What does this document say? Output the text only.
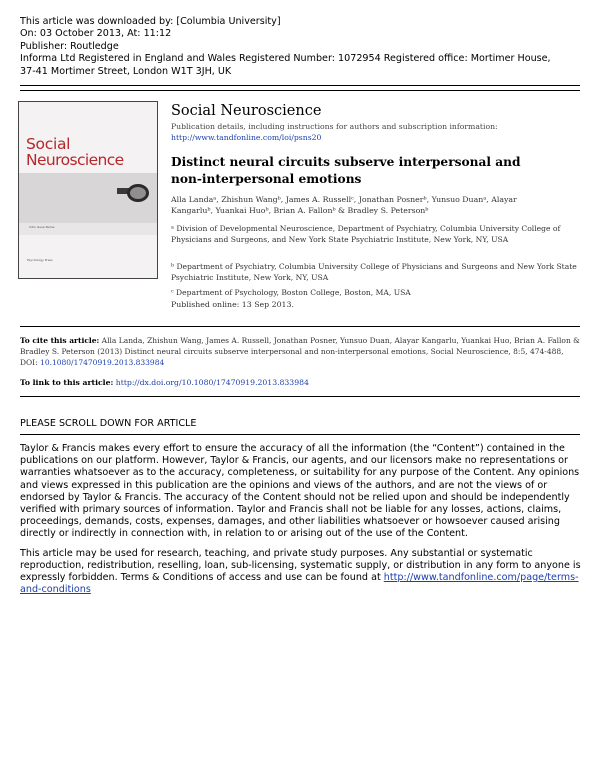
This article was downloaded by: [Columbia University]
On: 03 October 2013, At: 11:12
Publisher: Routledge
Informa Ltd Registered in England and Wales Registered Number: 1072954 Registered office: Mortimer House,
37-41 Mortimer Street, London W1T 3JH, UK
Social
Neuroscience
Intro Issue Name
Psychology Press
Social Neuroscience
Publication details, including instructions for authors and subscription information:
http://www.tandfonline.com/loi/psns20
Distinct neural circuits subserve interpersonal and
non-interpersonal emotions
Alla Landaᵃ, Zhishun Wangᵇ, James A. Russellᶜ, Jonathan Posnerᵇ, Yunsuo Duanᵃ, Alayar
Kangarluᵇ, Yuankai Huoᵇ, Brian A. Fallonᵇ & Bradley S. Petersonᵇ
ᵃ Division of Developmental Neuroscience, Department of Psychiatry, Columbia University College of Physicians and Surgeons, and New York State Psychiatric Institute, New York, NY, USA
ᵇ Department of Psychiatry, Columbia University College of Physicians and Surgeons and New York State Psychiatric Institute, New York, NY, USA
ᶜ Department of Psychology, Boston College, Boston, MA, USA
Published online: 13 Sep 2013.
To cite this article: Alla Landa, Zhishun Wang, James A. Russell, Jonathan Posner, Yunsuo Duan, Alayar Kangarlu, Yuankai Huo, Brian A. Fallon & Bradley S. Peterson (2013) Distinct neural circuits subserve interpersonal and non-interpersonal emotions, Social Neuroscience, 8:5, 474-488, DOI: 10.1080/17470919.2013.833984
To link to this article: http://dx.doi.org/10.1080/17470919.2013.833984
PLEASE SCROLL DOWN FOR ARTICLE

Taylor & Francis makes every effort to ensure the accuracy of all the information (the “Content”) contained in the publications on our platform. However, Taylor & Francis, our agents, and our licensors make no representations or warranties whatsoever as to the accuracy, completeness, or suitability for any purpose of the Content. Any opinions and views expressed in this publication are the opinions and views of the authors, and are not the views of or endorsed by Taylor & Francis. The accuracy of the Content should not be relied upon and should be independently verified with primary sources of information. Taylor and Francis shall not be liable for any losses, actions, claims, proceedings, demands, costs, expenses, damages, and other liabilities whatsoever or howsoever caused arising directly or indirectly in connection with, in relation to or arising out of the use of the Content.

This article may be used for research, teaching, and private study purposes. Any substantial or systematic reproduction, redistribution, reselling, loan, sub-licensing, systematic supply, or distribution in any form to anyone is expressly forbidden. Terms & Conditions of access and use can be found at http://www.tandfonline.com/page/terms-and-conditions
